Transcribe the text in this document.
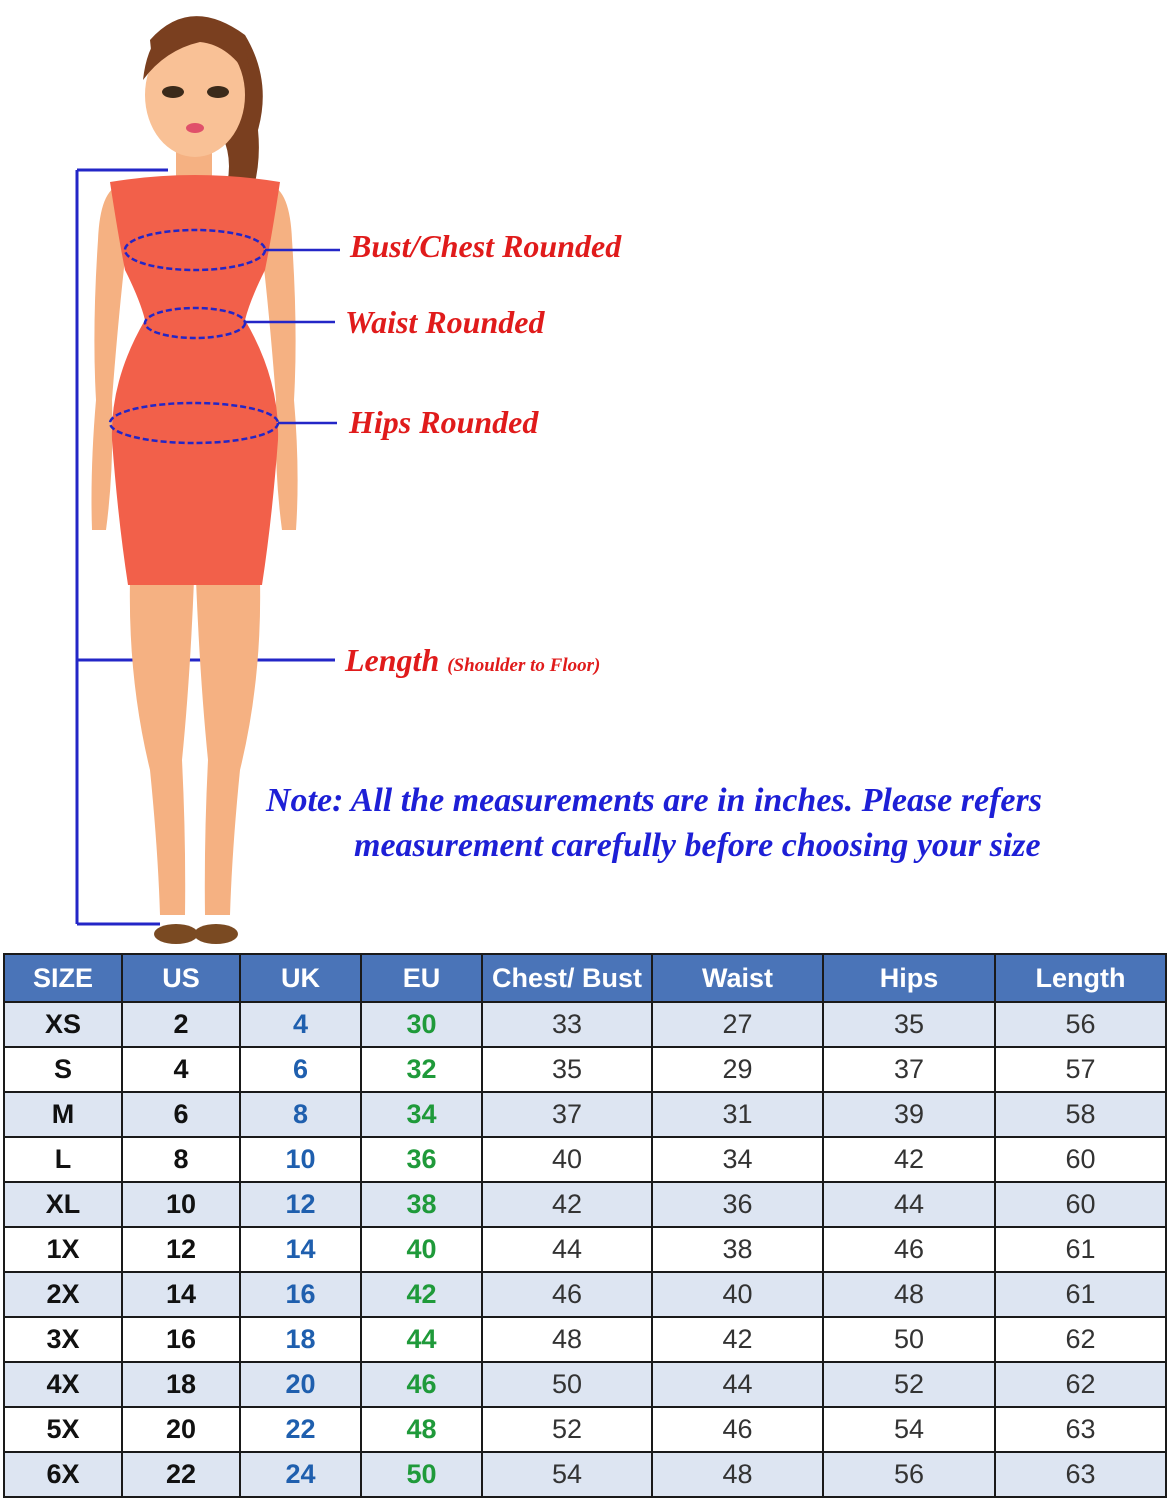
Bust/Chest Rounded
Waist Rounded
Hips Rounded
Length (Shoulder to Floor)
Note: All the measurements are in inches. Please refers
measurement carefully before choosing your size
SIZE	US	UK	EU	Chest/ Bust	Waist	Hips	Length
XS	2	4	30	33	27	35	56
S	4	6	32	35	29	37	57
M	6	8	34	37	31	39	58
L	8	10	36	40	34	42	60
XL	10	12	38	42	36	44	60
1X	12	14	40	44	38	46	61
2X	14	16	42	46	40	48	61
3X	16	18	44	48	42	50	62
4X	18	20	46	50	44	52	62
5X	20	22	48	52	46	54	63
6X	22	24	50	54	48	56	63
